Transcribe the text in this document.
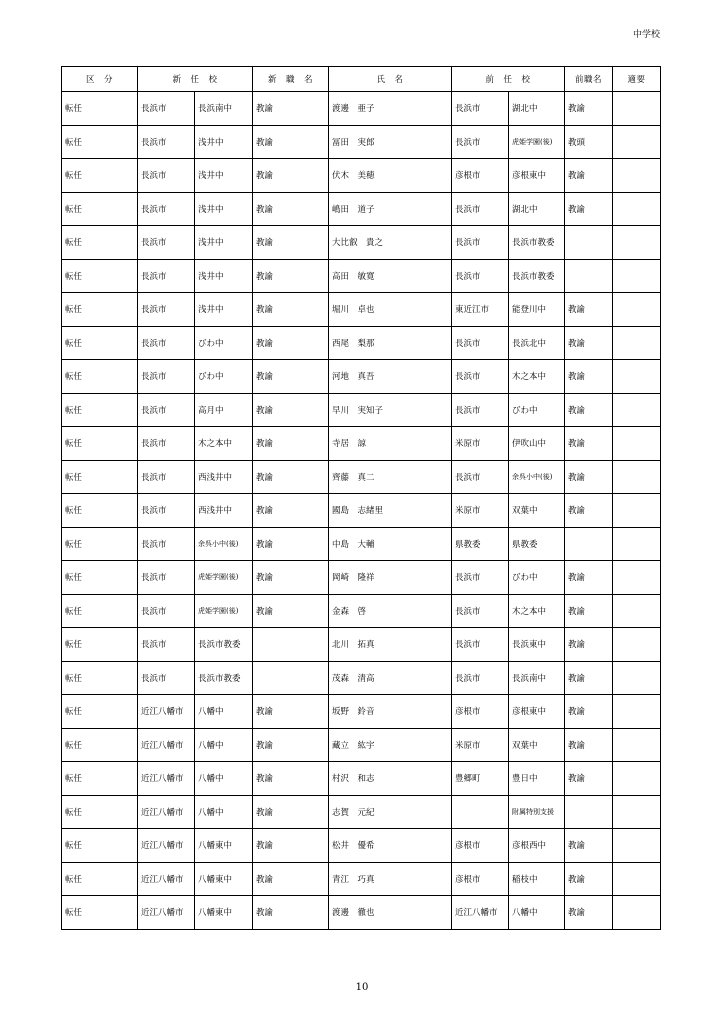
中学校
区　分	新　任　校		新　職　名	氏　名	前　任　校		前職名	適要
転任	長浜市	長浜南中	教諭	渡邊　亜子	長浜市	湖北中	教諭	
転任	長浜市	浅井中	教諭	冨田　実郎	長浜市	虎姫学園(後)	教頭	
転任	長浜市	浅井中	教諭	伏木　美穂	彦根市	彦根東中	教諭	
転任	長浜市	浅井中	教諭	嶋田　道子	長浜市	湖北中	教諭	
転任	長浜市	浅井中	教諭	大比叡　貴之	長浜市	長浜市教委		
転任	長浜市	浅井中	教諭	高田　敏寛	長浜市	長浜市教委		
転任	長浜市	浅井中	教諭	堀川　卓也	東近江市	能登川中	教諭	
転任	長浜市	びわ中	教諭	西尾　梨那	長浜市	長浜北中	教諭	
転任	長浜市	びわ中	教諭	河地　真吾	長浜市	木之本中	教諭	
転任	長浜市	高月中	教諭	早川　実知子	長浜市	びわ中	教諭	
転任	長浜市	木之本中	教諭	寺居　諒	米原市	伊吹山中	教諭	
転任	長浜市	西浅井中	教諭	齊藤　真二	長浜市	余呉小中(後)	教諭	
転任	長浜市	西浅井中	教諭	國島　志緒里	米原市	双葉中	教諭	
転任	長浜市	余呉小中(後)	教諭	中島　大輔	県教委	県教委		
転任	長浜市	虎姫学園(後)	教諭	岡崎　隆祥	長浜市	びわ中	教諭	
転任	長浜市	虎姫学園(後)	教諭	金森　啓	長浜市	木之本中	教諭	
転任	長浜市	長浜市教委		北川　拓真	長浜市	長浜東中	教諭	
転任	長浜市	長浜市教委		茂森　清高	長浜市	長浜南中	教諭	
転任	近江八幡市	八幡中	教諭	坂野　鈴音	彦根市	彦根東中	教諭	
転任	近江八幡市	八幡中	教諭	藏立　紘宇	米原市	双葉中	教諭	
転任	近江八幡市	八幡中	教諭	村沢　和志	豊郷町	豊日中	教諭	
転任	近江八幡市	八幡中	教諭	志賀　元紀		附属特別支援		
転任	近江八幡市	八幡東中	教諭	松井　優希	彦根市	彦根西中	教諭	
転任	近江八幡市	八幡東中	教諭	青江　巧真	彦根市	稲枝中	教諭	
転任	近江八幡市	八幡東中	教諭	渡邊　徹也	近江八幡市	八幡中	教諭	
10
